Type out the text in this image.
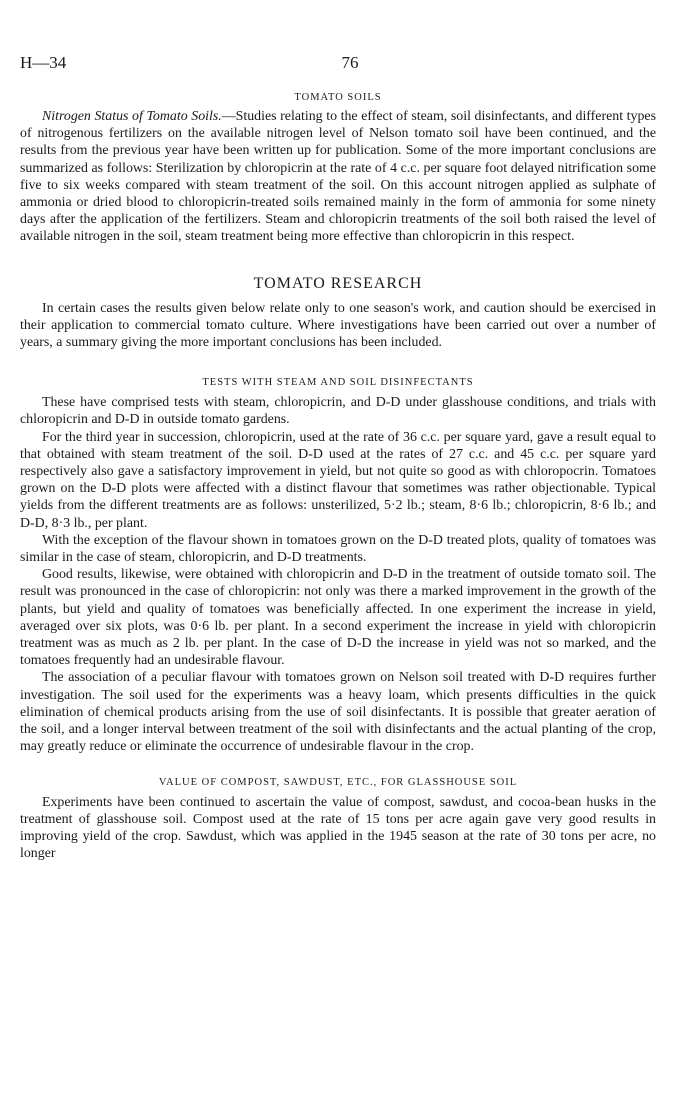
H—34	76

TOMATO SOILS

Nitrogen Status of Tomato Soils.—Studies relating to the effect of steam, soil disinfectants, and different types of nitrogenous fertilizers on the available nitrogen level of Nelson tomato soil have been continued, and the results from the previous year have been written up for publication. Some of the more important conclusions are summarized as follows: Sterilization by chloropicrin at the rate of 4 c.c. per square foot delayed nitrification some five to six weeks compared with steam treatment of the soil. On this account nitrogen applied as sulphate of ammonia or dried blood to chloropicrin-treated soils remained mainly in the form of ammonia for some ninety days after the application of the fertilizers. Steam and chloropicrin treatments of the soil both raised the level of available nitrogen in the soil, steam treatment being more effective than chloropicrin in this respect.

TOMATO RESEARCH

In certain cases the results given below relate only to one season's work, and caution should be exercised in their application to commercial tomato culture. Where investigations have been carried out over a number of years, a summary giving the more important conclusions has been included.

TESTS WITH STEAM AND SOIL DISINFECTANTS

These have comprised tests with steam, chloropicrin, and D-D under glasshouse conditions, and trials with chloropicrin and D-D in outside tomato gardens.

For the third year in succession, chloropicrin, used at the rate of 36 c.c. per square yard, gave a result equal to that obtained with steam treatment of the soil. D-D used at the rates of 27 c.c. and 45 c.c. per square yard respectively also gave a satisfactory improvement in yield, but not quite so good as with chloropocrin. Tomatoes grown on the D-D plots were affected with a distinct flavour that sometimes was rather objectionable. Typical yields from the different treatments are as follows: unsterilized, 5·2 lb.; steam, 8·6 lb.; chloropicrin, 8·6 lb.; and D-D, 8·3 lb., per plant.

With the exception of the flavour shown in tomatoes grown on the D-D treated plots, quality of tomatoes was similar in the case of steam, chloropicrin, and D-D treatments.

Good results, likewise, were obtained with chloropicrin and D-D in the treatment of outside tomato soil. The result was pronounced in the case of chloropicrin: not only was there a marked improvement in the growth of the plants, but yield and quality of tomatoes was beneficially affected. In one experiment the increase in yield, averaged over six plots, was 0·6 lb. per plant. In a second experiment the increase in yield with chloropicrin treatment was as much as 2 lb. per plant. In the case of D-D the increase in yield was not so marked, and the tomatoes frequently had an undesirable flavour.

The association of a peculiar flavour with tomatoes grown on Nelson soil treated with D-D requires further investigation. The soil used for the experiments was a heavy loam, which presents difficulties in the quick elimination of chemical products arising from the use of soil disinfectants. It is possible that greater aeration of the soil, and a longer interval between treatment of the soil with disinfectants and the actual planting of the crop, may greatly reduce or eliminate the occurrence of undesirable flavour in the crop.

VALUE OF COMPOST, SAWDUST, ETC., FOR GLASSHOUSE SOIL

Experiments have been continued to ascertain the value of compost, sawdust, and cocoa-bean husks in the treatment of glasshouse soil. Compost used at the rate of 15 tons per acre again gave very good results in improving yield of the crop. Sawdust, which was applied in the 1945 season at the rate of 30 tons per acre, no longer
